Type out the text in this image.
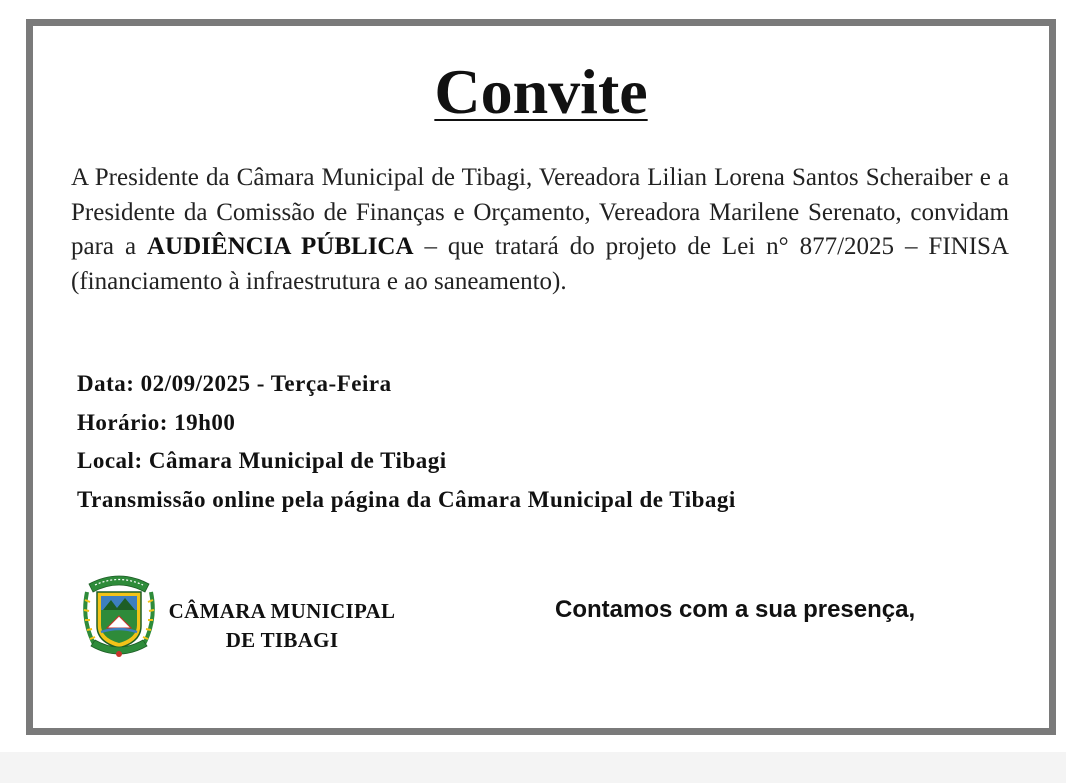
Convite

A Presidente da Câmara Municipal de Tibagi, Vereadora Lilian Lorena Santos Scheraiber e a Presidente da Comissão de Finanças e Orçamento, Vereadora Marilene Serenato, convidam para a AUDIÊNCIA PÚBLICA – que tratará do projeto de Lei n° 877/2025 – FINISA (financiamento à infraestrutura e ao saneamento).

Data: 02/09/2025 - Terça-Feira
Horário: 19h00
Local: Câmara Municipal de Tibagi
Transmissão online pela página da Câmara Municipal de Tibagi
CÂMARA MUNICIPAL
DE TIBAGI
Contamos com a sua presença,
